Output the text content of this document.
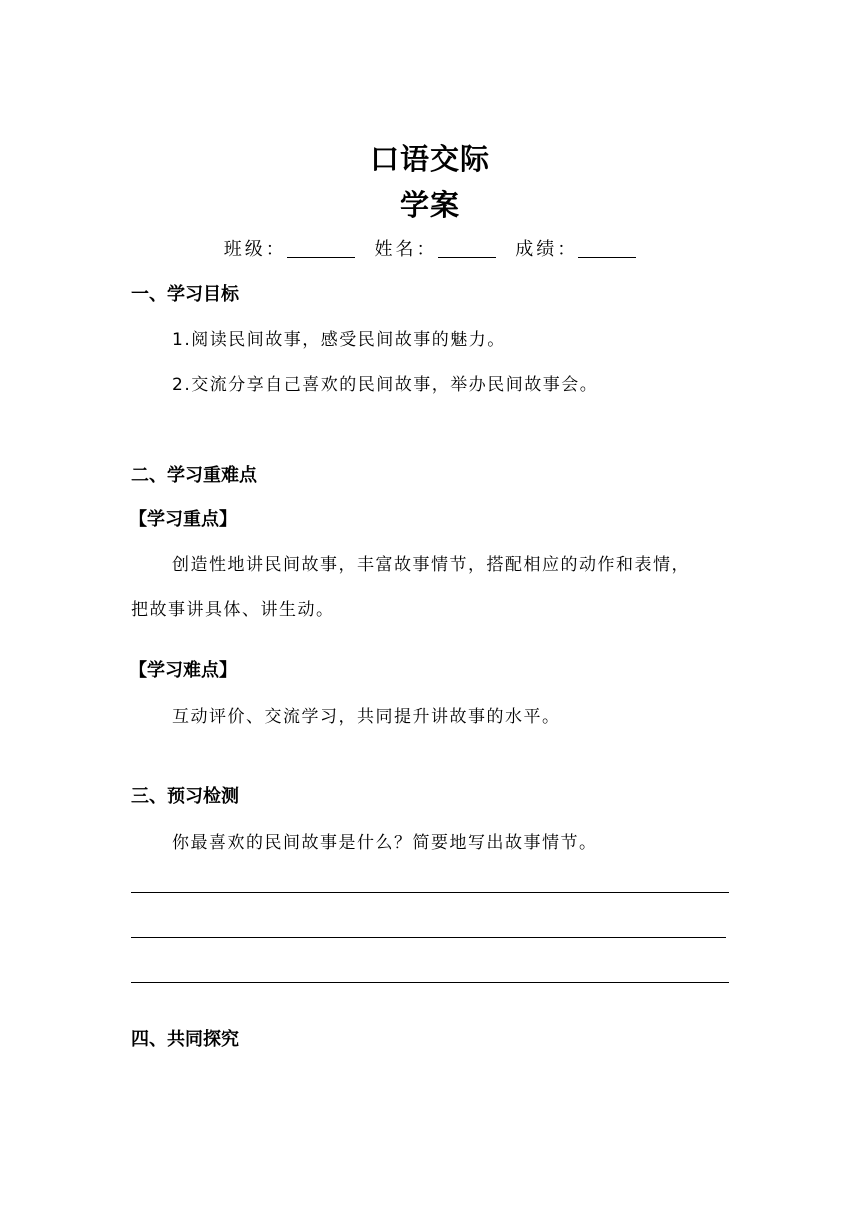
口语交际
学案
班级：	姓名：	成绩：
一、学习目标
1.阅读民间故事，感受民间故事的魅力。
2.交流分享自己喜欢的民间故事，举办民间故事会。
二、学习重难点
【学习重点】
创造性地讲民间故事，丰富故事情节，搭配相应的动作和表情，
把故事讲具体、讲生动。
【学习难点】
互动评价、交流学习，共同提升讲故事的水平。
三、预习检测
你最喜欢的民间故事是什么？简要地写出故事情节。
四、共同探究
